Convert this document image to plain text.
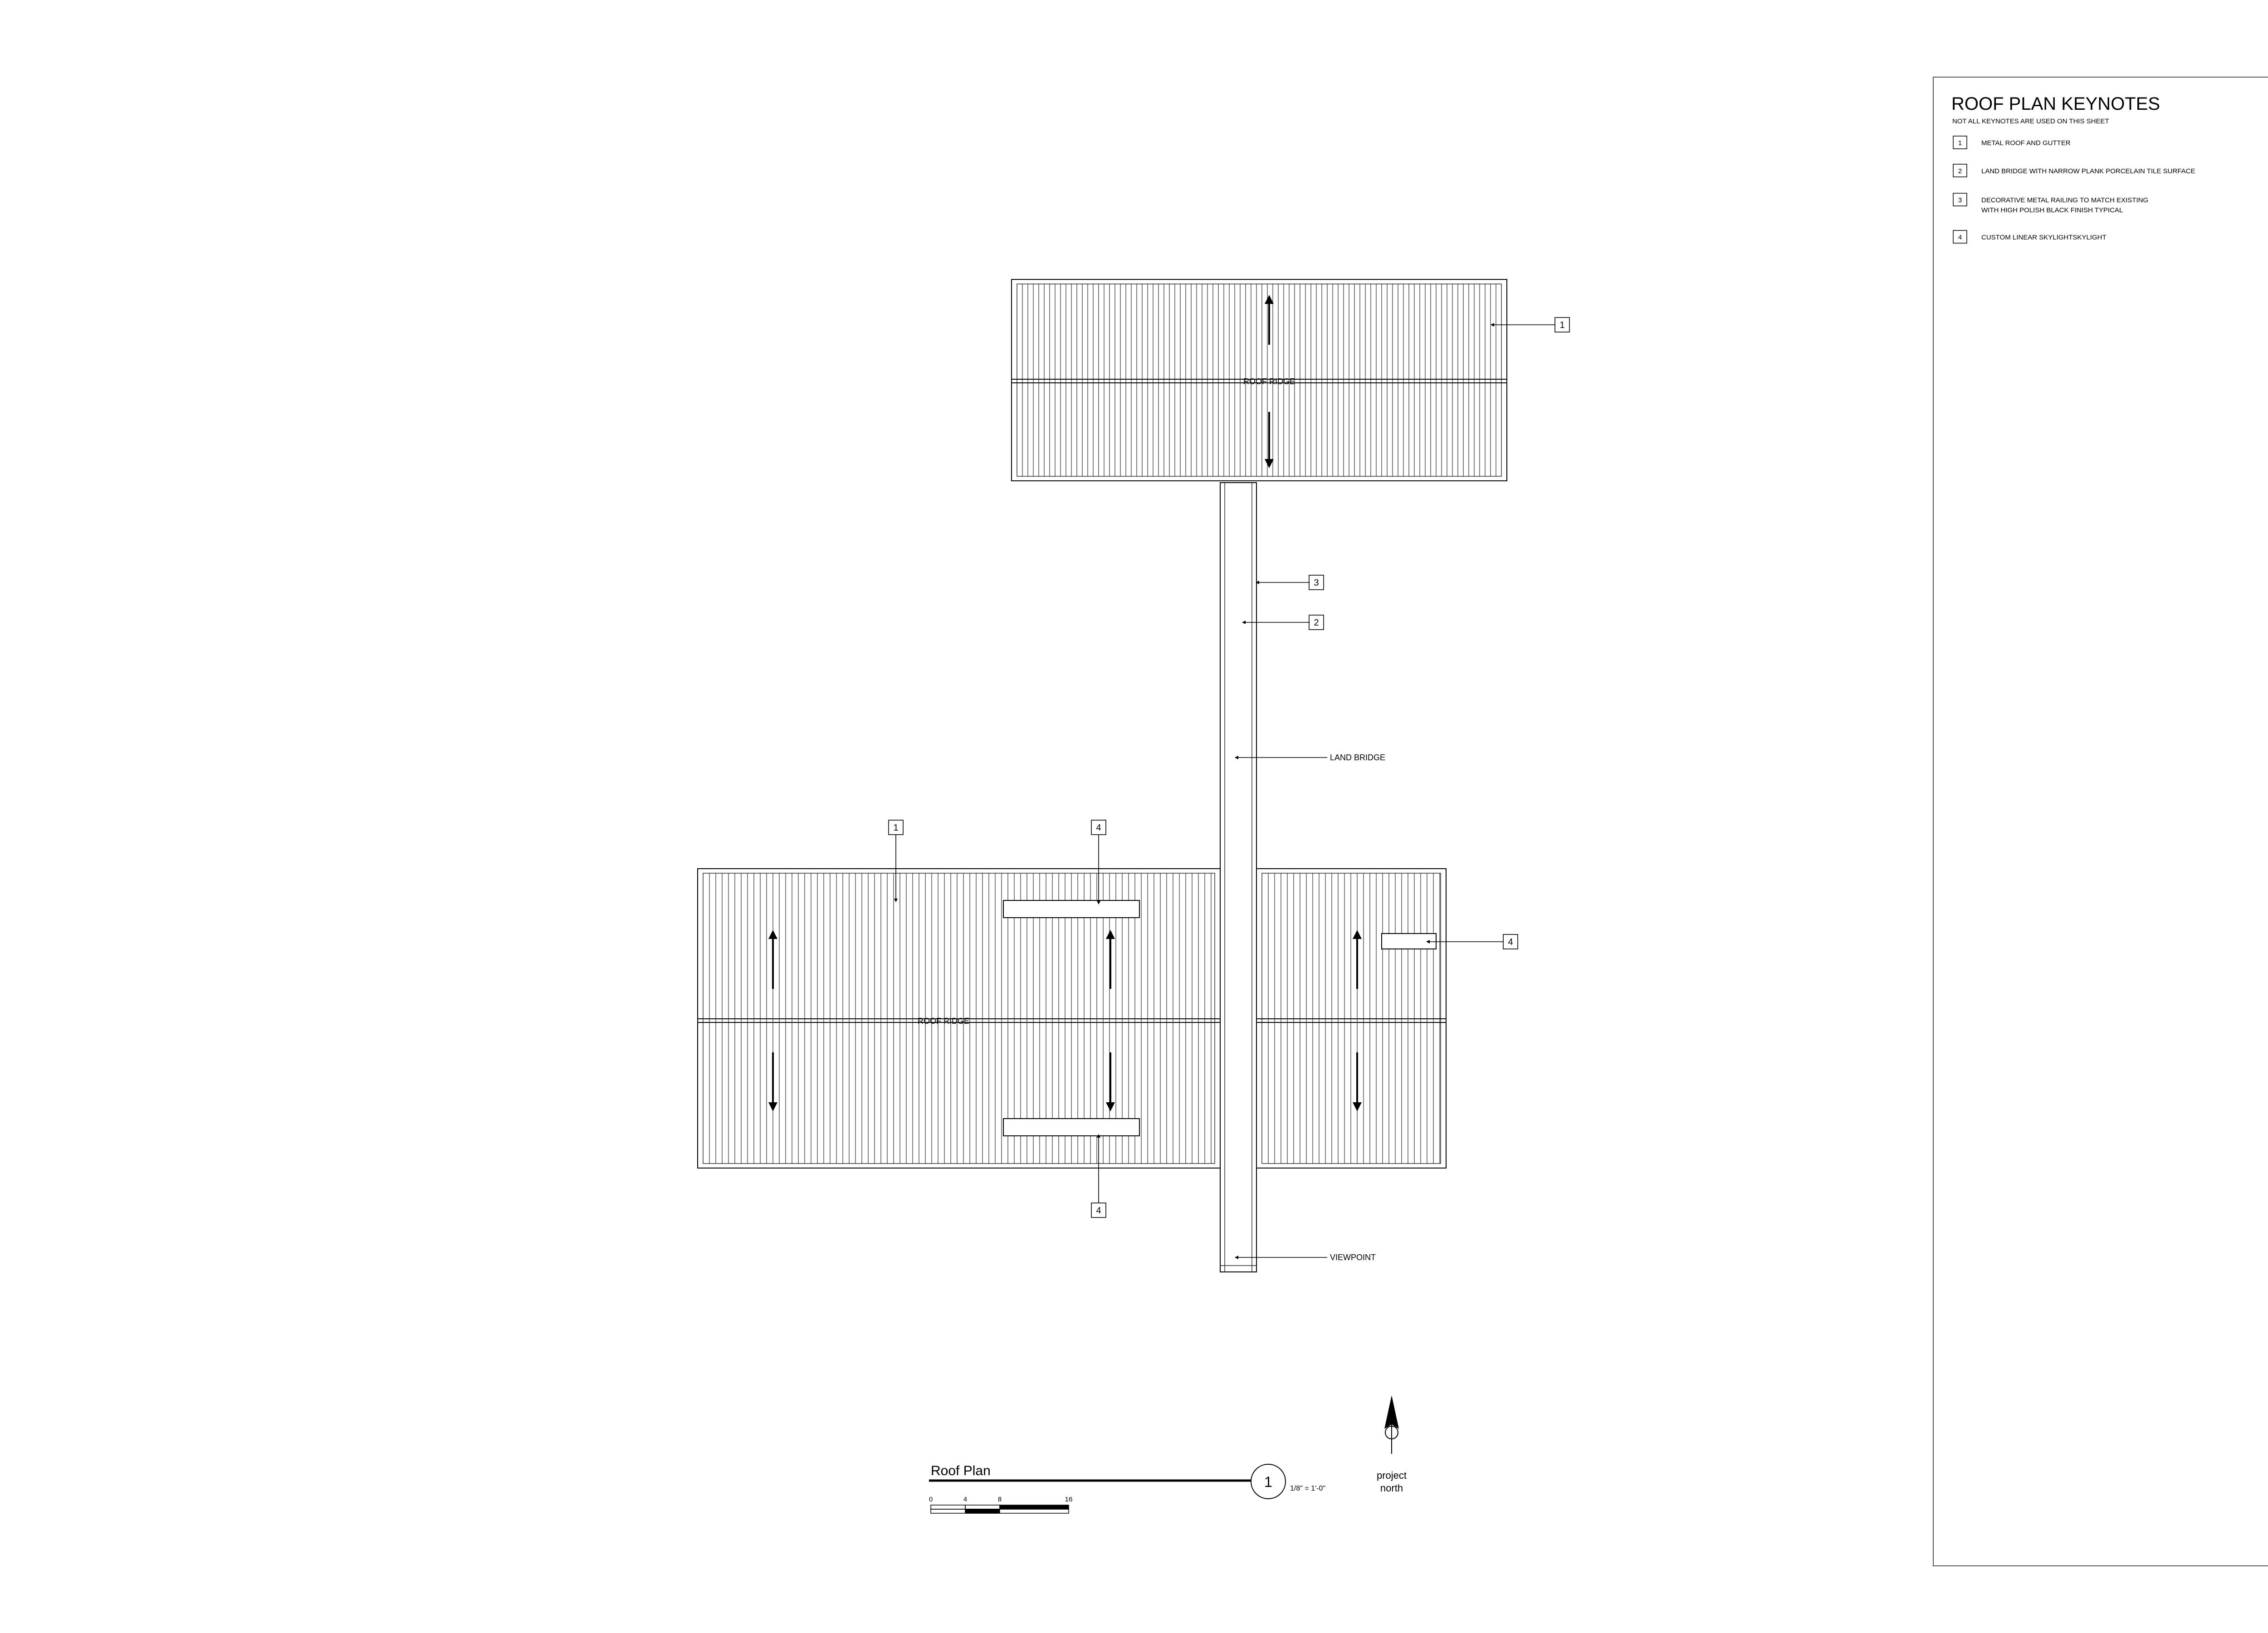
1
3
2
1	4
4
4
ROOF RIDGE
ROOF RIDGE
LAND BRIDGE
VIEWPOINT
Roof Plan
1 1/8" = 1'-0"
0	4	8	16
project
north
ROOF PLAN KEYNOTES
NOT ALL KEYNOTES ARE USED ON THIS SHEET
1	METAL ROOF AND GUTTER
2	LAND BRIDGE WITH NARROW PLANK PORCELAIN TILE SURFACE
3	DECORATIVE METAL RAILING TO MATCH EXISTING
WITH HIGH POLISH BLACK FINISH TYPICAL
4	CUSTOM LINEAR SKYLIGHTSKYLIGHT
